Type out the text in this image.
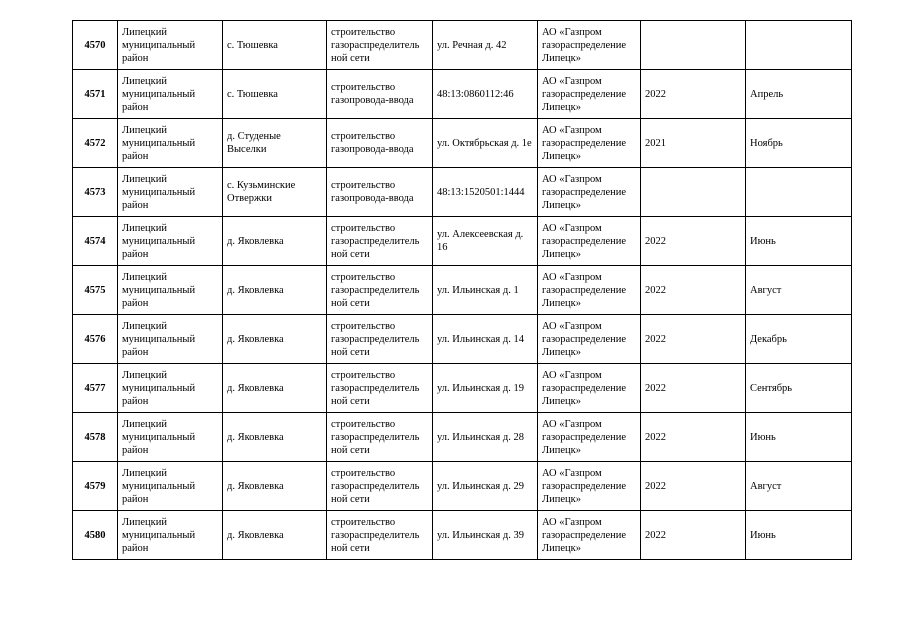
4570	Липецкий муниципальный район	с. Тюшевка	строительство газораспределитель ной сети	ул. Речная д. 42	АО «Газпром газораспределение Липецк»		
4571	Липецкий муниципальный район	с. Тюшевка	строительство газопровода-ввода	48:13:0860112:46	АО «Газпром газораспределение Липецк»	2022	Апрель
4572	Липецкий муниципальный район	д. Студеные Выселки	строительство газопровода-ввода	ул. Октябрьская д. 1е	АО «Газпром газораспределение Липецк»	2021	Ноябрь
4573	Липецкий муниципальный район	с. Кузьминские Отвержки	строительство газопровода-ввода	48:13:1520501:1444	АО «Газпром газораспределение Липецк»		
4574	Липецкий муниципальный район	д. Яковлевка	строительство газораспределитель ной сети	ул. Алексеевская д. 16	АО «Газпром газораспределение Липецк»	2022	Июнь
4575	Липецкий муниципальный район	д. Яковлевка	строительство газораспределитель ной сети	ул. Ильинская д. 1	АО «Газпром газораспределение Липецк»	2022	Август
4576	Липецкий муниципальный район	д. Яковлевка	строительство газораспределитель ной сети	ул. Ильинская д. 14	АО «Газпром газораспределение Липецк»	2022	Декабрь
4577	Липецкий муниципальный район	д. Яковлевка	строительство газораспределитель ной сети	ул. Ильинская д. 19	АО «Газпром газораспределение Липецк»	2022	Сентябрь
4578	Липецкий муниципальный район	д. Яковлевка	строительство газораспределитель ной сети	ул. Ильинская д. 28	АО «Газпром газораспределение Липецк»	2022	Июнь
4579	Липецкий муниципальный район	д. Яковлевка	строительство газораспределитель ной сети	ул. Ильинская д. 29	АО «Газпром газораспределение Липецк»	2022	Август
4580	Липецкий муниципальный район	д. Яковлевка	строительство газораспределитель ной сети	ул. Ильинская д. 39	АО «Газпром газораспределение Липецк»	2022	Июнь
